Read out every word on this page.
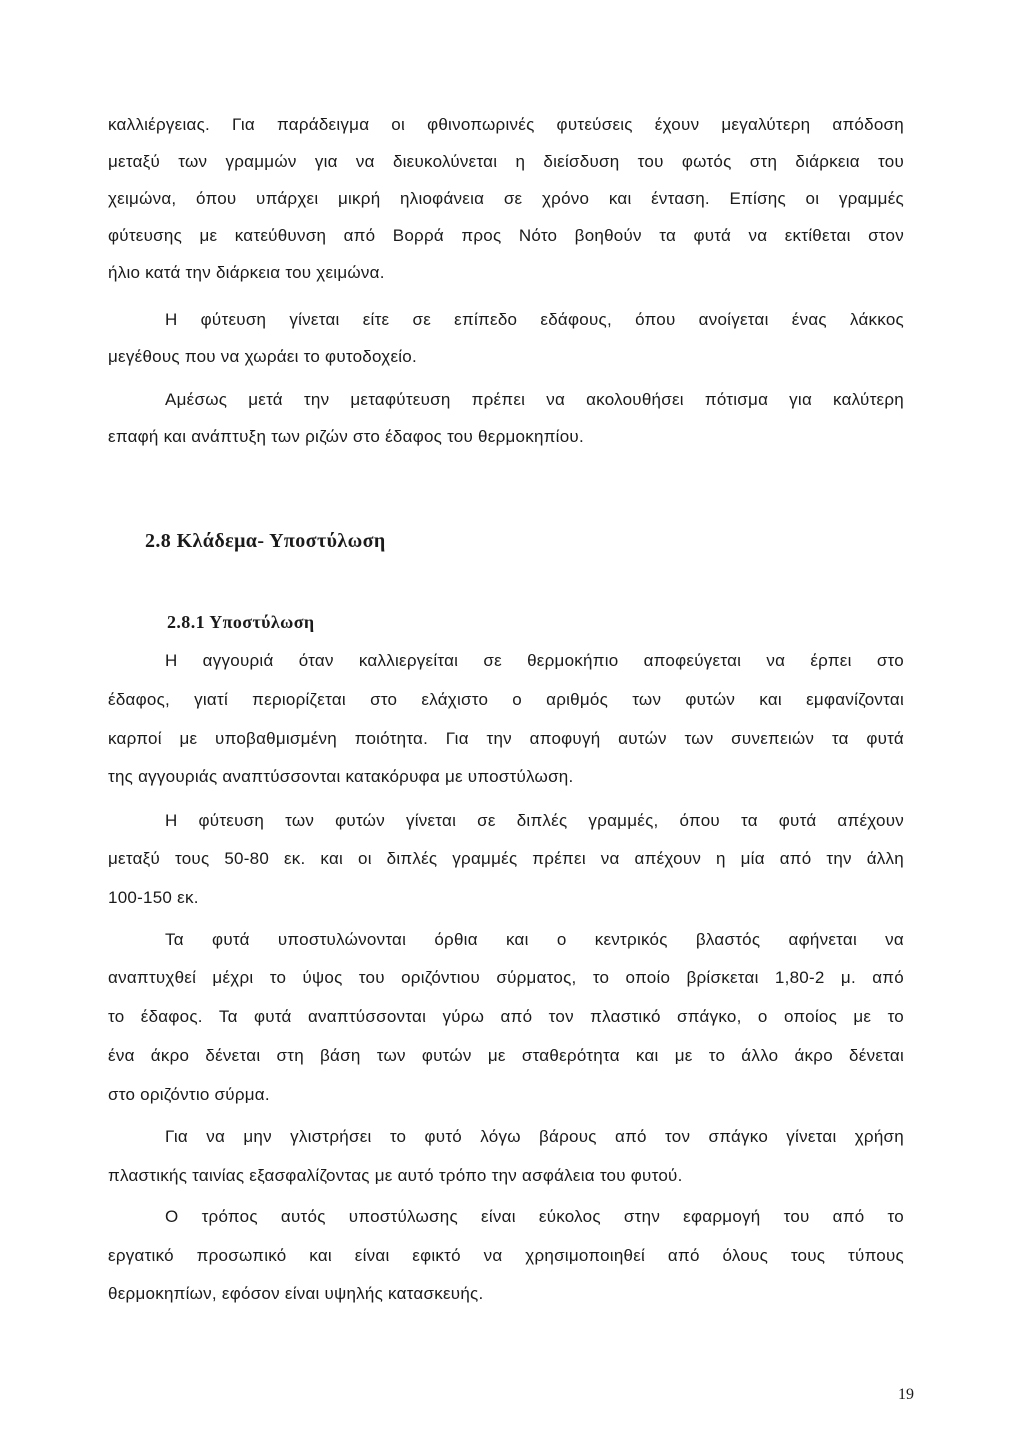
καλλιέργειας. Για παράδειγμα οι φθινοπωρινές φυτεύσεις έχουν μεγαλύτερη απόδοση

μεταξύ των γραμμών για να διευκολύνεται η διείσδυση του φωτός στη διάρκεια του

χειμώνα, όπου υπάρχει μικρή ηλιοφάνεια σε χρόνο και ένταση. Επίσης οι γραμμές

φύτευσης με κατεύθυνση από Βορρά προς Νότο βοηθούν τα φυτά να εκτίθεται στον

ήλιο κατά την διάρκεια του χειμώνα.

Η φύτευση γίνεται είτε σε επίπεδο εδάφους, όπου ανοίγεται ένας λάκκος

μεγέθους που να χωράει το φυτοδοχείο.

Αμέσως μετά την μεταφύτευση πρέπει να ακολουθήσει πότισμα για καλύτερη

επαφή και ανάπτυξη των ριζών στο έδαφος του θερμοκηπίου.

2.8 Κλάδεμα- Υποστύλωση
2.8.1 Υποστύλωση

Η αγγουριά όταν καλλιεργείται σε θερμοκήπιο αποφεύγεται να έρπει στο

έδαφος, γιατί περιορίζεται στο ελάχιστο ο αριθμός των φυτών και εμφανίζονται

καρποί με υποβαθμισμένη ποιότητα. Για την αποφυγή αυτών των συνεπειών τα φυτά

της αγγουριάς αναπτύσσονται κατακόρυφα με υποστύλωση.

Η φύτευση των φυτών γίνεται σε διπλές γραμμές, όπου τα φυτά απέχουν

μεταξύ τους 50-80 εκ. και οι διπλές γραμμές πρέπει να απέχουν η μία από την άλλη

100-150 εκ.

Τα φυτά υποστυλώνονται όρθια και ο κεντρικός βλαστός αφήνεται να

αναπτυχθεί μέχρι το ύψος του οριζόντιου σύρματος, το οποίο βρίσκεται 1,80-2 μ. από

το έδαφος. Τα φυτά αναπτύσσονται γύρω από τον πλαστικό σπάγκο, ο οποίος με το

ένα άκρο δένεται στη βάση των φυτών με σταθερότητα και με το άλλο άκρο δένεται

στο οριζόντιο σύρμα.

Για να μην γλιστρήσει το φυτό λόγω βάρους από τον σπάγκο γίνεται χρήση

πλαστικής ταινίας εξασφαλίζοντας με αυτό τρόπο την ασφάλεια του φυτού.

Ο τρόπος αυτός υποστύλωσης είναι εύκολος στην εφαρμογή του από το

εργατικό προσωπικό και είναι εφικτό να χρησιμοποιηθεί από όλους τους τύπους

θερμοκηπίων, εφόσον είναι υψηλής κατασκευής.

19
